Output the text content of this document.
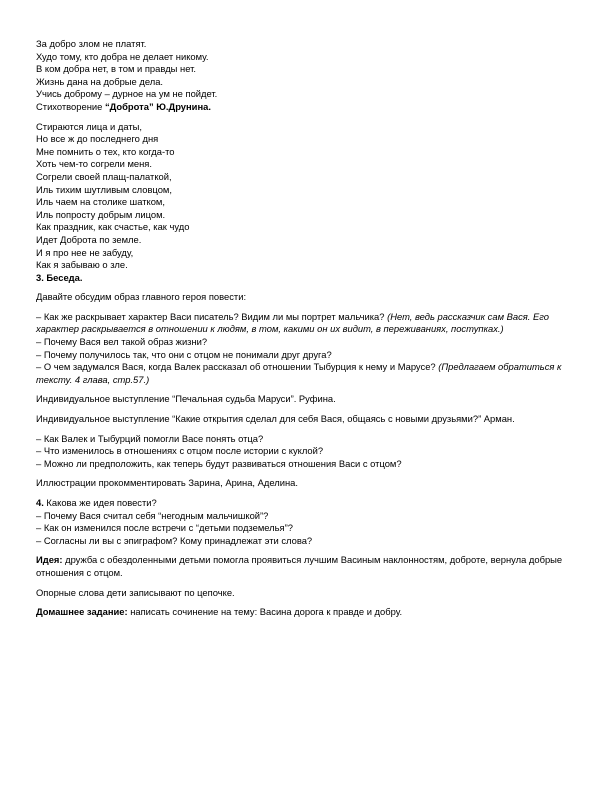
За добро злом не платят.
Худо тому, кто добра не делает никому.
В ком добра нет, в том и правды нет.
Жизнь дана на добрые дела.
Учись доброму – дурное на ум не пойдет.
Стихотворение “Доброта” Ю.Друнина.
Стираются лица и даты,
Но все ж до последнего дня
Мне помнить о тех, кто когда-то
Хоть чем-то согрели меня.
Согрели своей плащ-палаткой,
Иль тихим шутливым словцом,
Иль чаем на столике шатком,
Иль попросту добрым лицом.
Как праздник, как счастье, как чудо
Идет Доброта по земле.
И я про нее не забуду,
Как я забываю о зле.
3. Беседа.
Давайте обсудим образ главного героя повести:
– Как же раскрывает характер Васи писатель? Видим ли мы портрет мальчика? (Нет, ведь рассказчик сам Вася. Его характер раскрывается в отношении к людям, в том, какими он их видит, в переживаниях, поступках.)
– Почему Вася вел такой образ жизни?
– Почему получилось так, что они с отцом не понимали друг друга?
– О чем задумался Вася, когда Валек рассказал об отношении Тыбурция к нему и Марусе? (Предлагаем обратиться к тексту. 4 глава, стр.57.)
Индивидуальное выступление “Печальная судьба Маруси”. Руфина.
Индивидуальное выступление “Какие открытия сделал для себя Вася, общаясь с новыми друзьями?” Арман.
– Как Валек и Тыбурций помогли Васе понять отца?
– Что изменилось в отношениях с отцом после истории с куклой?
– Можно ли предположить, как теперь будут развиваться отношения Васи с отцом?
Иллюстрации прокомментировать Зарина, Арина, Аделина.
4. Какова же идея повести?
– Почему Вася считал себя “негодным мальчишкой”?
– Как он изменился после встречи с “детьми подземелья”?
– Согласны ли вы с эпиграфом? Кому принадлежат эти слова?
Идея: дружба с обездоленными детьми помогла проявиться лучшим Васиным наклонностям, доброте, вернула добрые отношения с отцом.
Опорные слова дети записывают по цепочке.
Домашнее задание: написать сочинение на тему: Васина дорога к правде и добру.
